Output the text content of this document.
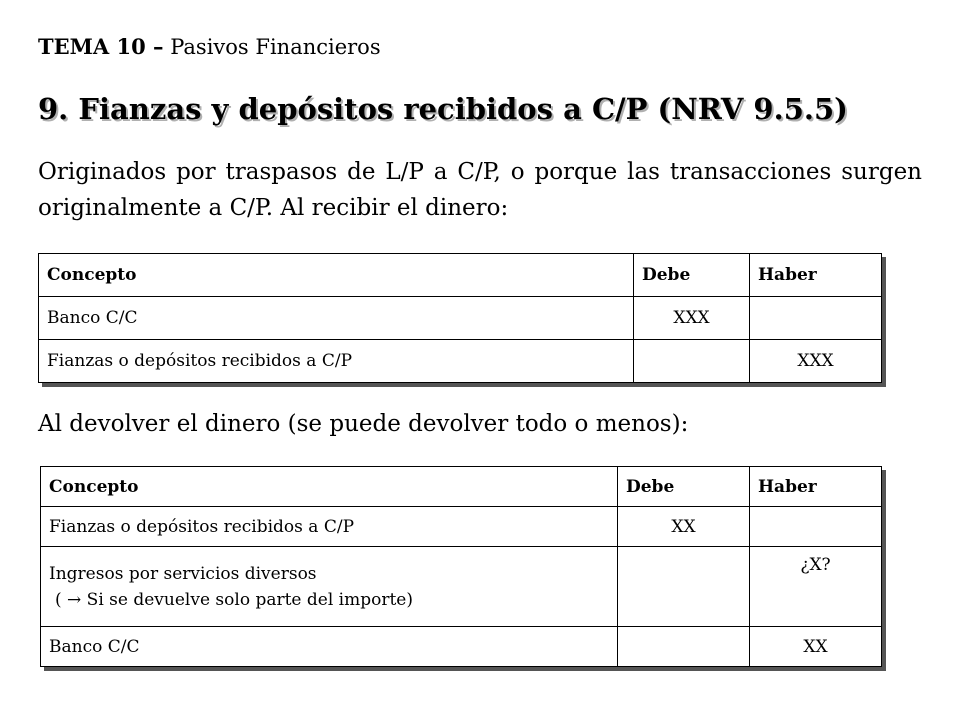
TEMA 10 – Pasivos Financieros
9. Fianzas y depósitos recibidos a C/P (NRV 9.5.5)

Originados por traspasos de L/P a C/P, o porque las transacciones surgen originalmente a C/P. Al recibir el dinero:

Concepto	Debe	Haber
Banco C/C	XXX	
Fianzas o depósitos recibidos a C/P		XXX

Al devolver el dinero (se puede devolver todo o menos):

Concepto	Debe	Haber
Fianzas o depósitos recibidos a C/P	XX	

Ingresos por servicios diversos
( → Si se devuelve solo parte del importe)		¿X?
Banco C/C		XX
